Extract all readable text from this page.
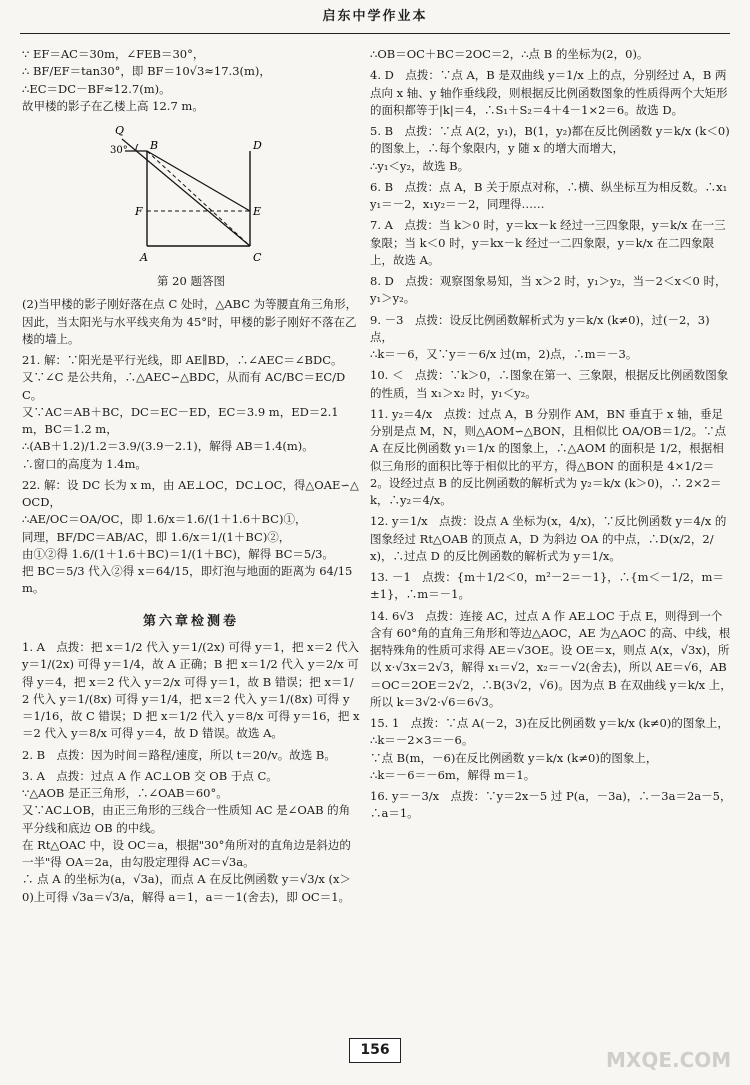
启东中学作业本

∵ EF＝AC＝30m，∠FEB＝30°，

∴ BF/EF＝tan30°，即 BF＝10√3≈17.3(m)，

∴EC＝DC－BF≈12.7(m)。

故甲楼的影子在乙楼上高 12.7 m。

Q
B	D
F	E
A	C
30°

第 20 题答图

(2)当甲楼的影子刚好落在点 C 处时，△ABC 为等腰直角三角形，因此，当太阳光与水平线夹角为 45°时，甲楼的影子刚好不落在乙楼的墙上。

21. 解：∵阳光是平行光线，即 AE∥BD，∴∠AEC＝∠BDC。

又∵∠C 是公共角，∴△AEC∽△BDC，从而有 AC/BC＝EC/DC。

又∵AC＝AB＋BC，DC＝EC－ED，EC＝3.9 m，ED＝2.1 m，BC＝1.2 m，

∴(AB＋1.2)/1.2＝3.9/(3.9－2.1)，解得 AB＝1.4(m)。

∴窗口的高度为 1.4m。

22. 解：设 DC 长为 x m，由 AE⊥OC，DC⊥OC，得△OAE∽△OCD，

∴AE/OC＝OA/OC，即 1.6/x＝1.6/(1＋1.6＋BC)①，

同理，BF/DC＝AB/AC，即 1.6/x＝1/(1＋BC)②，

由①②得 1.6/(1＋1.6＋BC)＝1/(1＋BC)，解得 BC＝5/3。

把 BC＝5/3 代入②得 x＝64/15，即灯泡与地面的距离为 64/15 m。

第六章检测卷

1. A　点拨：把 x＝1/2 代入 y＝1/(2x) 可得 y＝1，把 x＝2 代入 y＝1/(2x) 可得 y＝1/4，故 A 正确；B 把 x＝1/2 代入 y＝2/x 可得 y＝4，把 x＝2 代入 y＝2/x 可得 y＝1，故 B 错误；把 x＝1/2 代入 y＝1/(8x) 可得 y＝1/4，把 x＝2 代入 y＝1/(8x) 可得 y＝1/16，故 C 错误；D 把 x＝1/2 代入 y＝8/x 可得 y＝16，把 x＝2 代入 y＝8/x 可得 y＝4，故 D 错误。故选 A。

2. B　点拨：因为时间＝路程/速度，所以 t＝20/v。故选 B。

3. A　点拨：过点 A 作 AC⊥OB 交 OB 于点 C。

∵△AOB 是正三角形，∴∠OAB＝60°。

又∵AC⊥OB，由正三角形的三线合一性质知 AC 是∠OAB 的角平分线和底边 OB 的中线。

在 Rt△OAC 中，设 OC＝a，根据"30°角所对的直角边是斜边的一半"得 OA＝2a，由勾股定理得 AC＝√3a。

∴ 点 A 的坐标为(a，√3a)，而点 A 在反比例函数 y＝√3/x (x＞0)上可得 √3a＝√3/a，解得 a＝1，a＝－1(舍去)，即 OC＝1。

∴OB＝OC＋BC＝2OC＝2，∴点 B 的坐标为(2，0)。

4. D　点拨：∵点 A，B 是双曲线 y＝1/x 上的点，分别经过 A，B 两点向 x 轴、y 轴作垂线段，则根据反比例函数图象的性质得两个大矩形的面积都等于|k|＝4，∴S₁＋S₂＝4＋4－1×2＝6。故选 D。

5. B　点拨：∵点 A(2，y₁)，B(1，y₂)都在反比例函数 y＝k/x (k＜0)的图象上，∴每个象限内，y 随 x 的增大而增大，

∴y₁＜y₂，故选 B。

6. B　点拨：点 A，B 关于原点对称，∴横、纵坐标互为相反数。∴x₁y₁＝－2，x₁y₂＝－2，同理得……

7. A　点拨：当 k＞0 时，y＝kx－k 经过一三四象限，y＝k/x 在一三象限；当 k＜0 时，y＝kx－k 经过一二四象限，y＝k/x 在二四象限上，故选 A。

8. D　点拨：观察图象易知，当 x＞2 时，y₁＞y₂，当－2＜x＜0 时，y₁＞y₂。

9. －3　点拨：设反比例函数解析式为 y＝k/x (k≠0)，过(－2，3)点，

∴k＝－6，又∵y＝－6/x 过(m，2)点，∴m＝－3。

10. ＜　点拨：∵k＞0，∴图象在第一、三象限，根据反比例函数图象的性质，当 x₁＞x₂ 时，y₁＜y₂。

11. y₂＝4/x　点拨：过点 A，B 分别作 AM，BN 垂直于 x 轴，垂足分别是点 M，N，则△AOM∽△BON，且相似比 OA/OB＝1/2。∵点 A 在反比例函数 y₁＝1/x 的图象上，∴△AOM 的面积是 1/2，根据相似三角形的面积比等于相似比的平方，得△BON 的面积是 4×1/2＝2。设经过点 B 的反比例函数的解析式为 y₂＝k/x (k＞0)，∴ 2×2＝k，∴y₂＝4/x。

12. y＝1/x　点拨：设点 A 坐标为(x，4/x)，∵反比例函数 y＝4/x 的图象经过 Rt△OAB 的顶点 A，D 为斜边 OA 的中点，∴D(x/2，2/x)，∴过点 D 的反比例函数的解析式为 y＝1/x。

13. －1　点拨：{m＋1/2＜0，m²－2＝－1}，∴{m＜－1/2，m＝±1}，∴m＝－1。

14. 6√3　点拨：连接 AC，过点 A 作 AE⊥OC 于点 E，则得到一个含有 60°角的直角三角形和等边△AOC，AE 为△AOC 的高、中线，根据特殊角的性质可求得 AE＝√3OE。设 OE＝x，则点 A(x，√3x)，所以 x·√3x＝2√3，解得 x₁＝√2，x₂＝－√2(舍去)，所以 AE＝√6，AB＝OC＝2OE＝2√2，∴B(3√2，√6)。因为点 B 在双曲线 y＝k/x 上，所以 k＝3√2·√6＝6√3。

15. 1　点拨：∵点 A(－2，3)在反比例函数 y＝k/x (k≠0)的图象上，

∴k＝－2×3＝－6。

∵点 B(m，－6)在反比例函数 y＝k/x (k≠0)的图象上，

∴k＝－6＝－6m，解得 m＝1。

16. y＝－3/x　点拨：∵y＝2x－5 过 P(a，－3a)，∴－3a＝2a－5，∴a＝1。

156	MXQE.COM
